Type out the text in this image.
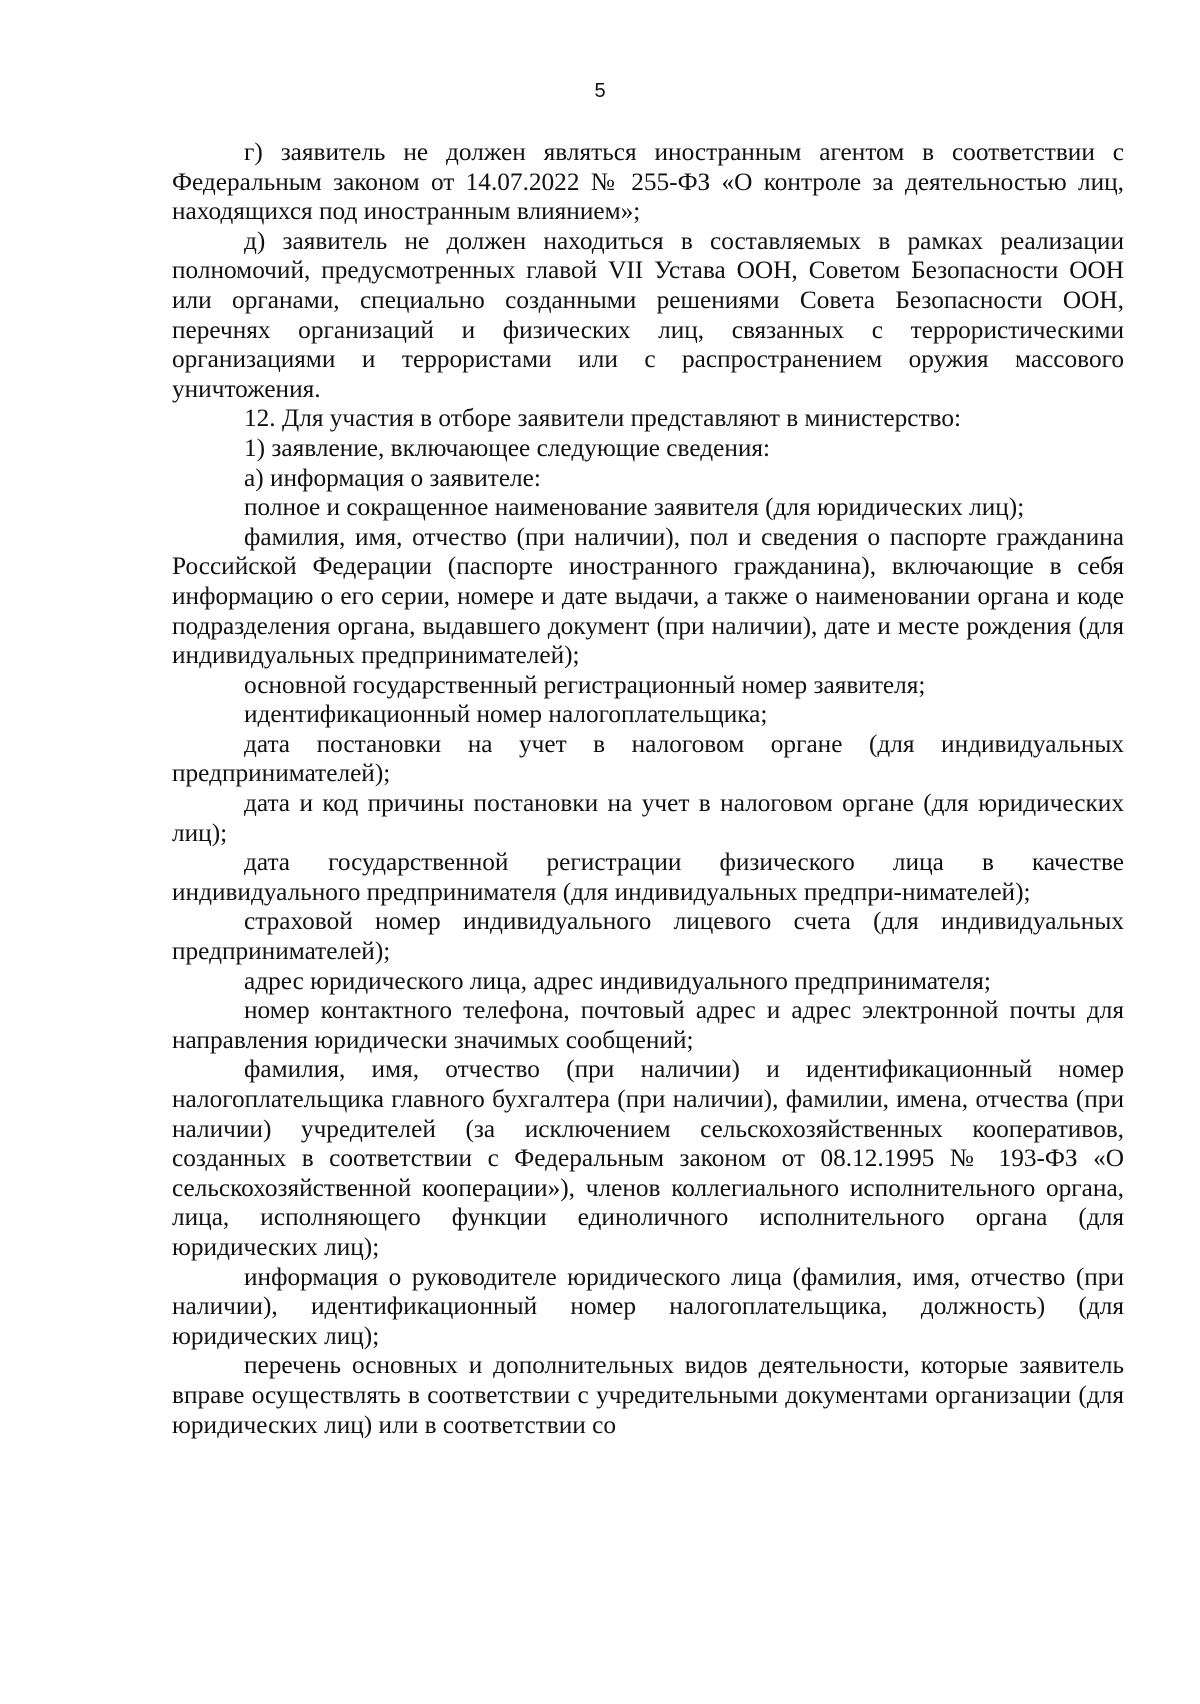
5

г) заявитель не должен являться иностранным агентом в соответствии с Федеральным законом от 14.07.2022 № 255-ФЗ «О контроле за деятельностью лиц, находящихся под иностранным влиянием»;

д) заявитель не должен находиться в составляемых в рамках реализации полномочий, предусмотренных главой VII Устава ООН, Советом Безопасности ООН или органами, специально созданными решениями Совета Безопасности ООН, перечнях организаций и физических лиц, связанных с террористическими организациями и террористами или с распространением оружия массового уничтожения.

12. Для участия в отборе заявители представляют в министерство:

1) заявление, включающее следующие сведения:

а) информация о заявителе:

полное и сокращенное наименование заявителя (для юридических лиц);

фамилия, имя, отчество (при наличии), пол и сведения о паспорте гражданина Российской Федерации (паспорте иностранного гражданина), включающие в себя информацию о его серии, номере и дате выдачи, а также о наименовании органа и коде подразделения органа, выдавшего документ (при наличии), дате и месте рождения (для индивидуальных предпринимателей);

основной государственный регистрационный номер заявителя;

идентификационный номер налогоплательщика;

дата постановки на учет в налоговом органе (для индивидуальных предпринимателей);

дата и код причины постановки на учет в налоговом органе (для юридических лиц);

дата государственной регистрации физического лица в качестве индивидуального предпринимателя (для индивидуальных предпри-нимателей);

страховой номер индивидуального лицевого счета (для индивидуальных предпринимателей);

адрес юридического лица, адрес индивидуального предпринимателя;

номер контактного телефона, почтовый адрес и адрес электронной почты для направления юридически значимых сообщений;

фамилия, имя, отчество (при наличии) и идентификационный номер налогоплательщика главного бухгалтера (при наличии), фамилии, имена, отчества (при наличии) учредителей (за исключением сельскохозяйственных кооперативов, созданных в соответствии с Федеральным законом от 08.12.1995 № 193-ФЗ «О сельскохозяйственной кооперации»), членов коллегиального исполнительного органа, лица, исполняющего функции единоличного исполнительного органа (для юридических лиц);

информация о руководителе юридического лица (фамилия, имя, отчество (при наличии), идентификационный номер налогоплательщика, должность) (для юридических лиц);

перечень основных и дополнительных видов деятельности, которые заявитель вправе осуществлять в соответствии с учредительными документами организации (для юридических лиц) или в соответствии со
